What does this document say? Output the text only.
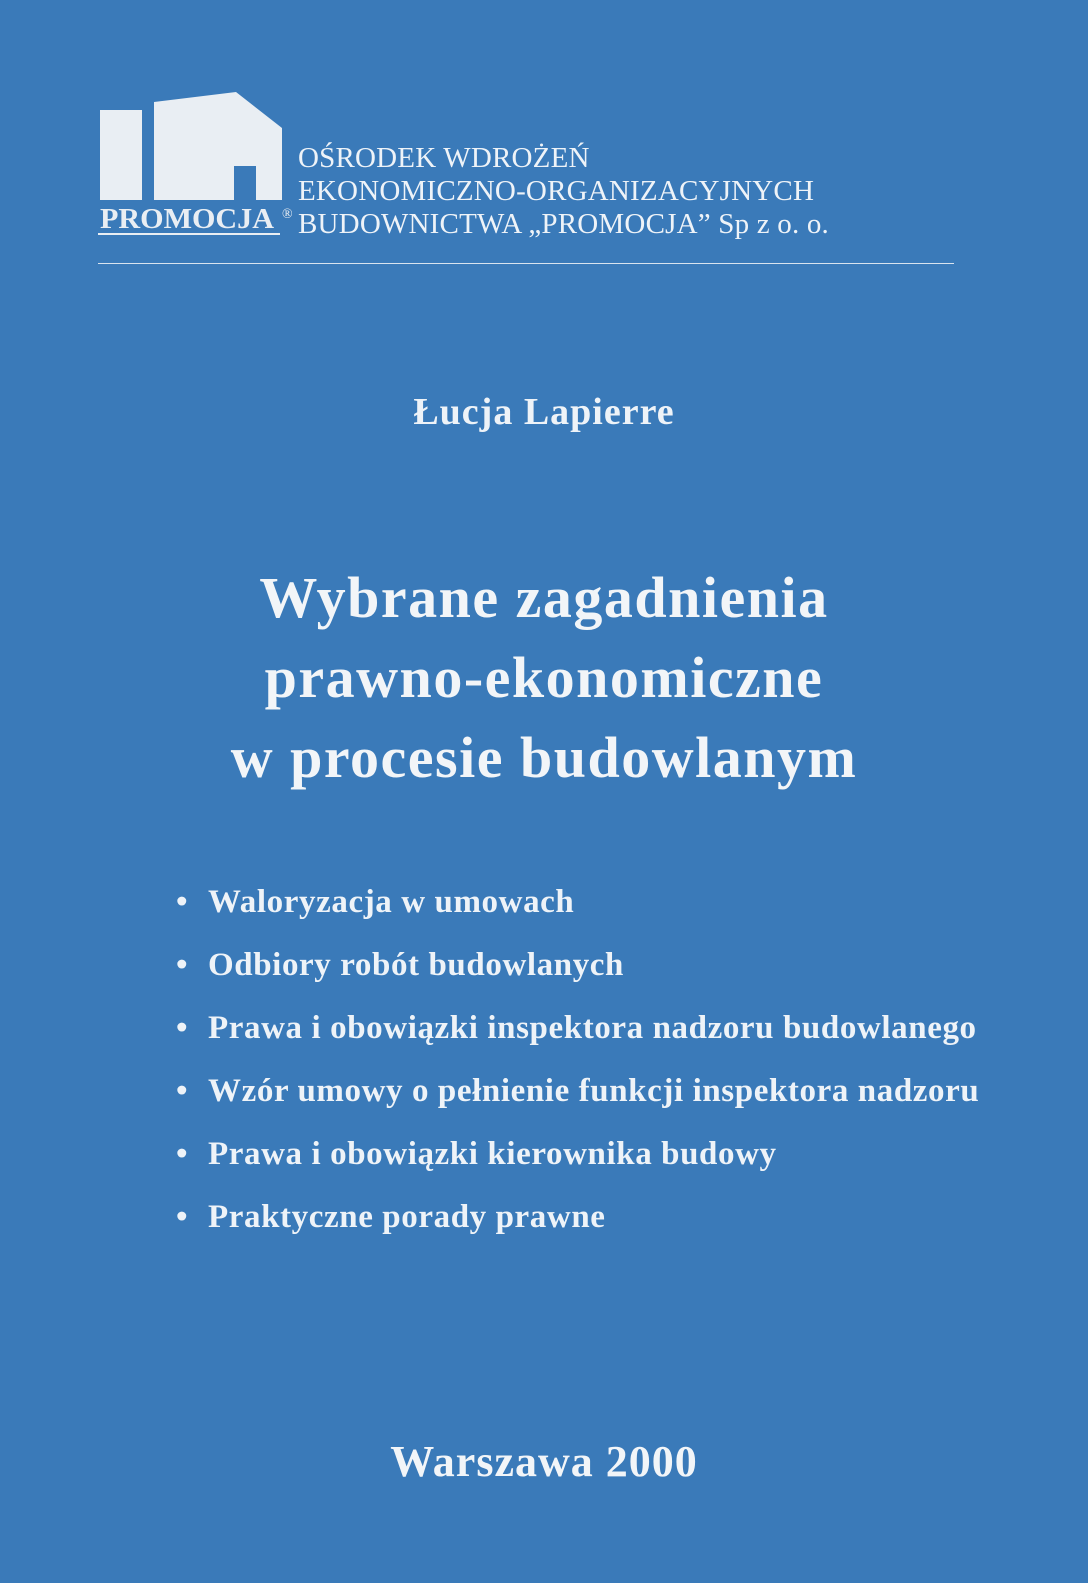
PROMOCJA ®
OŚRODEK WDROŻEŃ
EKONOMICZNO-ORGANIZACYJNYCH
BUDOWNICTWA „PROMOCJA” Sp z o. o.
Łucja Lapierre
Wybrane zagadnienia
prawno-ekonomiczne
w procesie budowlanym
• Waloryzacja w umowach
• Odbiory robót budowlanych
• Prawa i obowiązki inspektora nadzoru budowlanego
• Wzór umowy o pełnienie funkcji inspektora nadzoru
• Prawa i obowiązki kierownika budowy
• Praktyczne porady prawne
Warszawa 2000
